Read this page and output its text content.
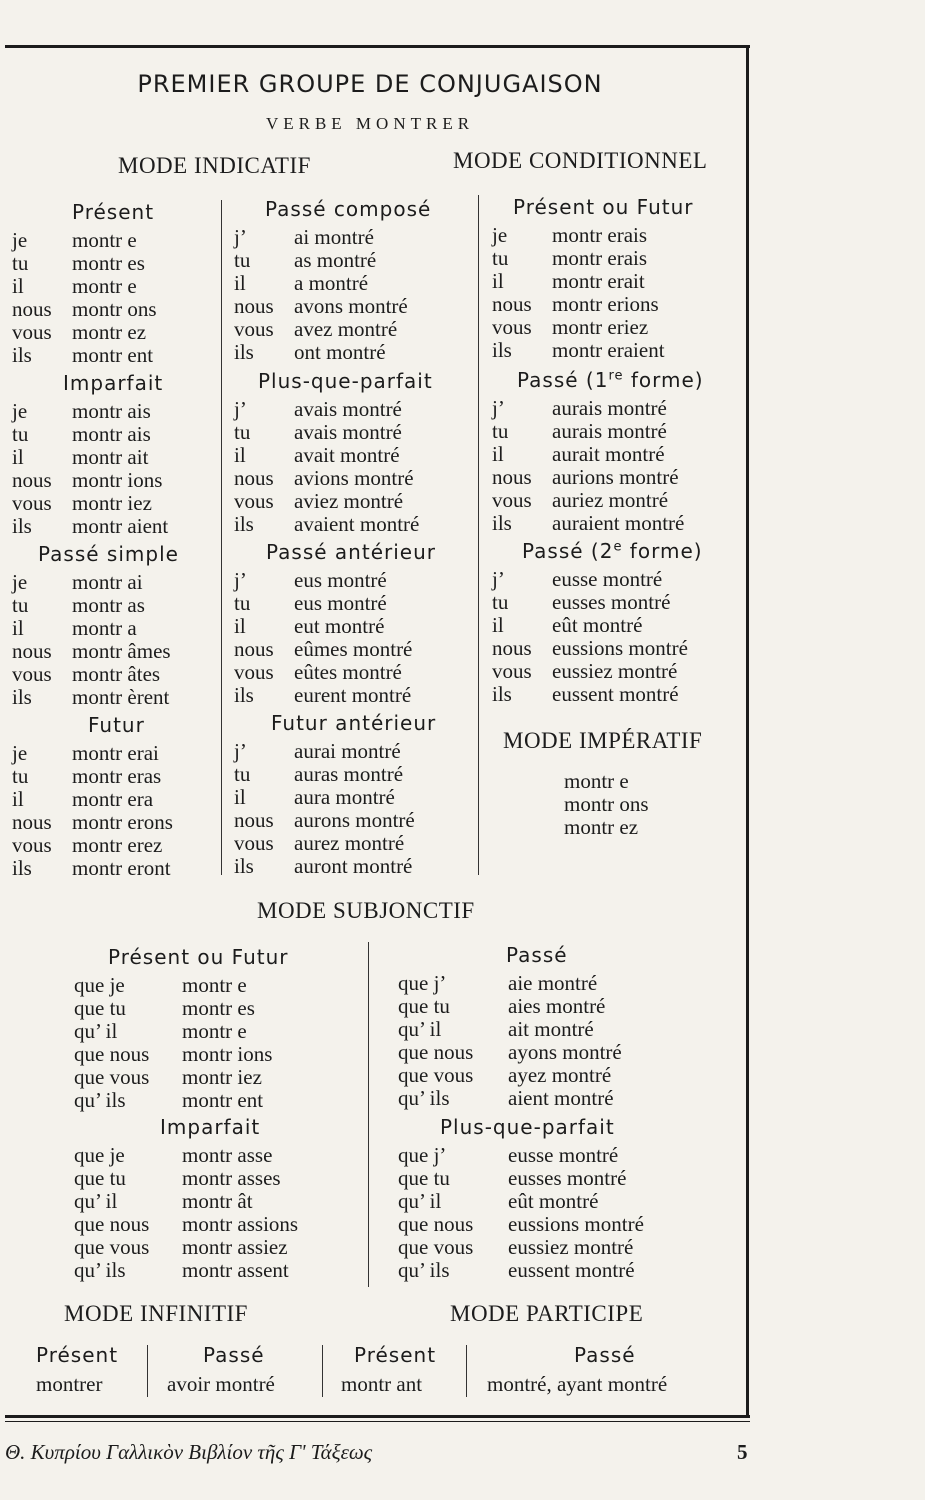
PREMIER GROUPE DE CONJUGAISON
VERBE MONTRER
MODE INDICATIF	MODE CONDITIONNEL
Présent
je montr e
tu montr es
il montr e
nous montr ons
vous montr ez
ils montr ent
Imparfait
je montr ais
tu montr ais
il montr ait
nous montr ions
vous montr iez
ils montr aient
Passé simple
je montr ai
tu montr as
il montr a
nous montr âmes
vous montr âtes
ils montr èrent
Futur
je montr erai
tu montr eras
il montr era
nous montr erons
vous montr erez
ils montr eront
Passé composé
j’ ai montré
tu as montré
il a montré
nous avons montré
vous avez montré
ils ont montré
Plus-que-parfait
j’ avais montré
tu avais montré
il avait montré
nous avions montré
vous aviez montré
ils avaient montré
Passé antérieur
j’ eus montré
tu eus montré
il eut montré
nous eûmes montré
vous eûtes montré
ils eurent montré
Futur antérieur
j’ aurai montré
tu auras montré
il aura montré
nous aurons montré
vous aurez montré
ils auront montré
Présent ou Futur
je montr erais
tu montr erais
il montr erait
nous montr erions
vous montr eriez
ils montr eraient
Passé (1re forme)
j’ aurais montré
tu aurais montré
il aurait montré
nous aurions montré
vous auriez montré
ils auraient montré
Passé (2e forme)
j’ eusse montré
tu eusses montré
il eût montré
nous eussions montré
vous eussiez montré
ils eussent montré
MODE IMPÉRATIF
montr e
montr ons
montr ez
MODE SUBJONCTIF
Présent ou Futur
que je	montr e
que tu	montr es
qu’ il	montr e
que nous montr ions
que vous montr iez
qu’ ils	montr ent
Imparfait
que je	montr asse
que tu	montr asses
qu’ il	montr ât
que nous montr assions
que vous montr assiez
qu’ ils	montr assent
Passé
que j’	aie montré
que tu	aies montré
qu’ il	ait montré
que nous ayons montré
que vous ayez montré
qu’ ils	aient montré
Plus-que-parfait
que j’	eusse montré
que tu	eusses montré
qu’ il	eût montré
que nous eussions montré
que vous eussiez montré
qu’ ils	eussent montré
MODE INFINITIF	MODE PARTICIPE
Présent
montrer
Passé
avoir montré
Présent
montr ant
Passé
montré, ayant montré
Θ. Κυπρίου Γαλλικὸν Βιβλίον τῆς Γ' Τάξεως	5
